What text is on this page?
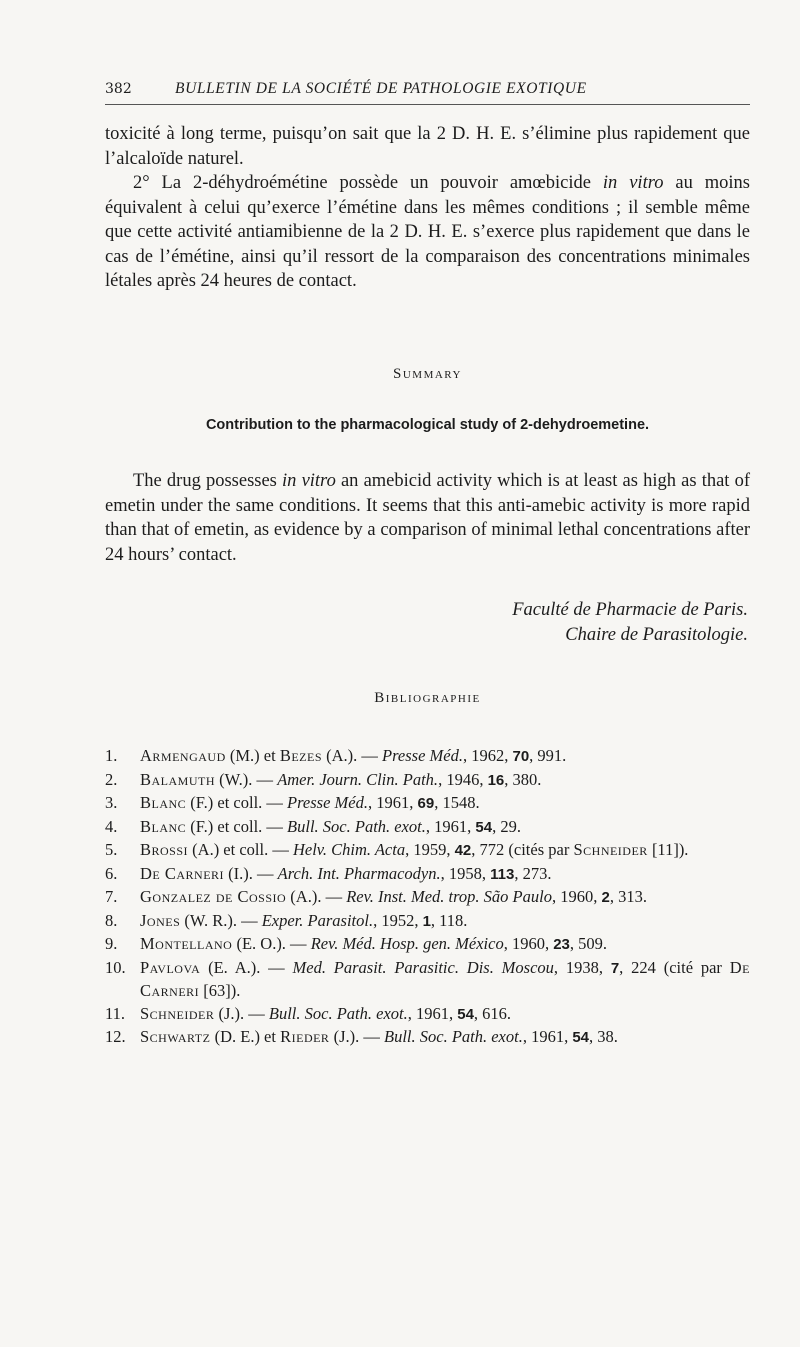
382	BULLETIN DE LA SOCIÉTÉ DE PATHOLOGIE EXOTIQUE

toxicité à long terme, puisqu’on sait que la 2 D. H. E. s’élimine plus rapidement que l’alcaloïde naturel.

2° La 2-déhydroémétine possède un pouvoir amœbicide in vitro au moins équivalent à celui qu’exerce l’émétine dans les mêmes conditions ; il semble même que cette activité antiamibienne de la 2 D. H. E. s’exerce plus rapidement que dans le cas de l’émétine, ainsi qu’il ressort de la comparaison des concentrations minimales létales après 24 heures de contact.

Summary
Contribution to the pharmacological study of 2-dehydroemetine.

The drug possesses in vitro an amebicid activity which is at least as high as that of emetin under the same conditions. It seems that this anti-amebic activity is more rapid than that of emetin, as evidence by a comparison of minimal lethal concentrations after 24 hours’ contact.

Faculté de Pharmacie de Paris.
Chaire de Parasitologie.
Bibliographie
1.	Armengaud (M.) et Bezes (A.). — Presse Méd., 1962, 70, 991.
2.	Balamuth (W.). — Amer. Journ. Clin. Path., 1946, 16, 380.
3.	Blanc (F.) et coll. — Presse Méd., 1961, 69, 1548.
4.	Blanc (F.) et coll. — Bull. Soc. Path. exot., 1961, 54, 29.
5.	Brossi (A.) et coll. — Helv. Chim. Acta, 1959, 42, 772 (cités par Schneider [11]).
6.	De Carneri (I.). — Arch. Int. Pharmacodyn., 1958, 113, 273.
7.	Gonzalez de Cossio (A.). — Rev. Inst. Med. trop. São Paulo, 1960, 2, 313.
8.	Jones (W. R.). — Exper. Parasitol., 1952, 1, 118.
9.	Montellano (E. O.). — Rev. Méd. Hosp. gen. México, 1960, 23, 509.
10. Pavlova (E. A.). — Med. Parasit. Parasitic. Dis. Moscou, 1938, 7, 224 (cité par De Carneri [63]).
11. Schneider (J.). — Bull. Soc. Path. exot., 1961, 54, 616.
12. Schwartz (D. E.) et Rieder (J.). — Bull. Soc. Path. exot., 1961, 54, 38.
